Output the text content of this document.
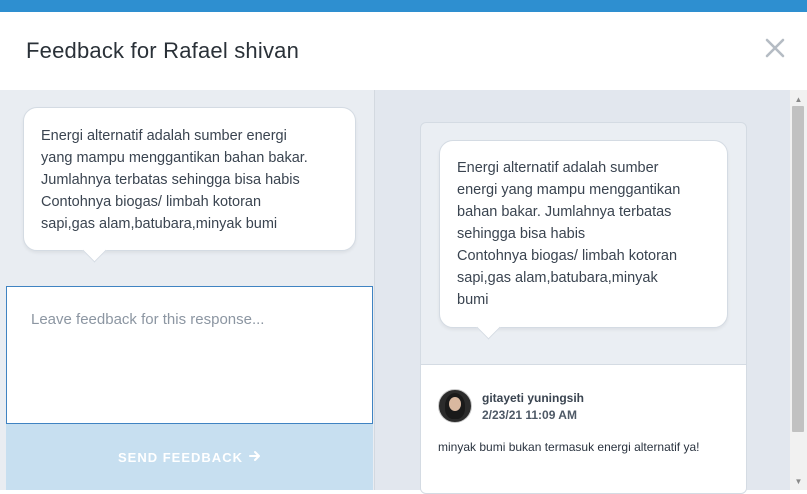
Feedback for Rafael shivan
Energi alternatif adalah sumber energi
yang mampu menggantikan bahan bakar.
Jumlahnya terbatas sehingga bisa habis
Contohnya biogas/ limbah kotoran
sapi,gas alam,batubara,minyak bumi
Leave feedback for this response...
SEND FEEDBACK
Energi alternatif adalah sumber
energi yang mampu menggantikan
bahan bakar. Jumlahnya terbatas
sehingga bisa habis
Contohnya biogas/ limbah kotoran
sapi,gas alam,batubara,minyak
bumi
gitayeti yuningsih
2/23/21 11:09 AM
minyak bumi bukan termasuk energi alternatif ya!
▲
▼
